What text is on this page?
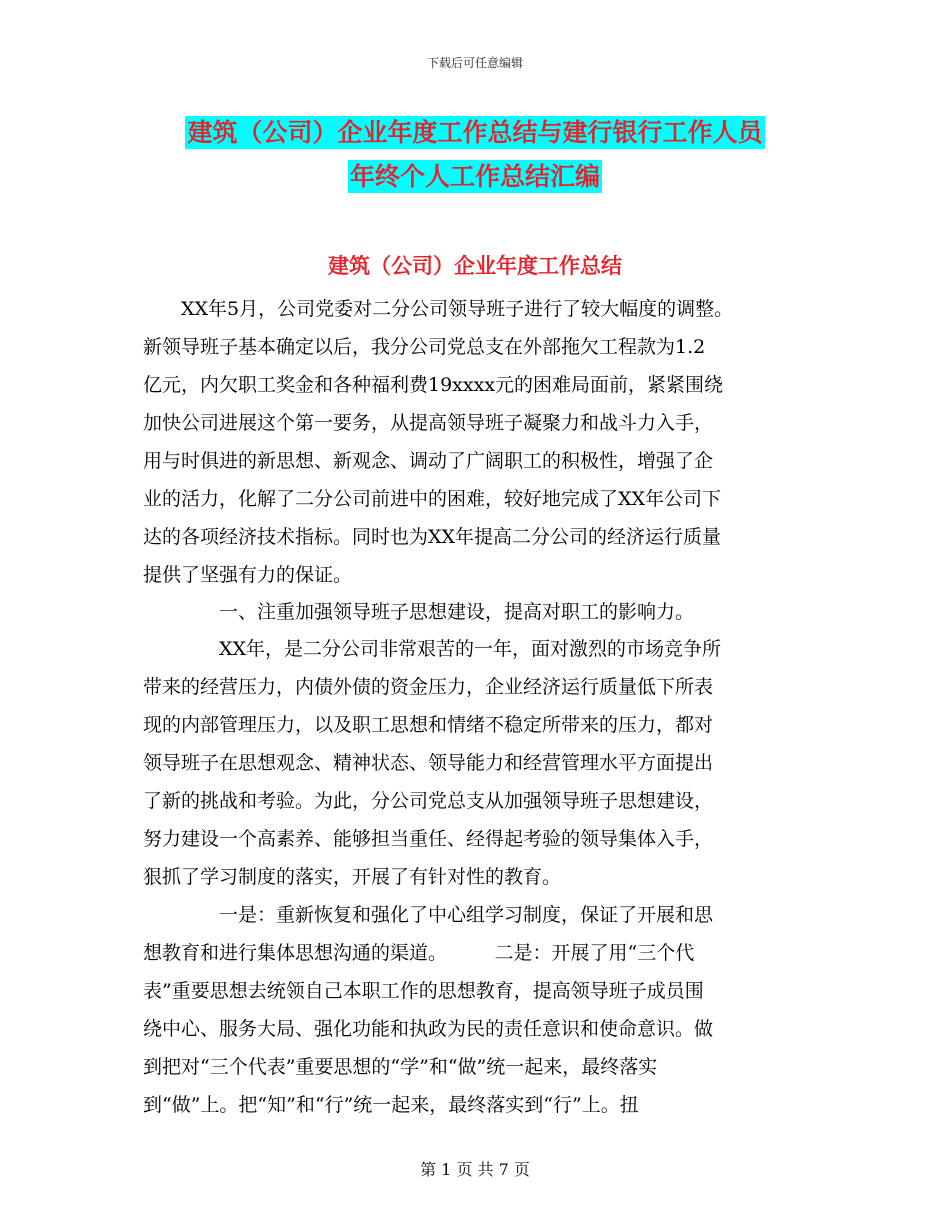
下载后可任意编辑
建筑（公司）企业年度工作总结与建行银行工作人员
年终个人工作总结汇编
建筑（公司）企业年度工作总结
　　XX年5月，公司党委对二分公司领导班子进行了较大幅度的调整。
新领导班子基本确定以后，我分公司党总支在外部拖欠工程款为1.2
亿元，内欠职工奖金和各种福利费19xxxx元的困难局面前，紧紧围绕
加快公司进展这个第一要务，从提高领导班子凝聚力和战斗力入手，
用与时俱进的新思想、新观念、调动了广阔职工的积极性，增强了企
业的活力，化解了二分公司前进中的困难，较好地完成了XX年公司下
达的各项经济技术指标。同时也为XX年提高二分公司的经济运行质量
提供了坚强有力的保证。
　　　　一、注重加强领导班子思想建设，提高对职工的影响力。
　　　　XX年，是二分公司非常艰苦的一年，面对激烈的市场竞争所
带来的经营压力，内债外债的资金压力，企业经济运行质量低下所表
现的内部管理压力，以及职工思想和情绪不稳定所带来的压力，都对
领导班子在思想观念、精神状态、领导能力和经营管理水平方面提出
了新的挑战和考验。为此，分公司党总支从加强领导班子思想建设，
努力建设一个高素养、能够担当重任、经得起考验的领导集体入手，
狠抓了学习制度的落实，开展了有针对性的教育。
　　　　一是：重新恢复和强化了中心组学习制度，保证了开展和思
想教育和进行集体思想沟通的渠道。　　　二是：开展了用“三个代
表”重要思想去统领自己本职工作的思想教育，提高领导班子成员围
绕中心、服务大局、强化功能和执政为民的责任意识和使命意识。做
到把对“三个代表”重要思想的“学”和“做”统一起来，最终落实
到“做”上。把“知”和“行”统一起来，最终落实到“行”上。扭
第 1 页 共 7 页
